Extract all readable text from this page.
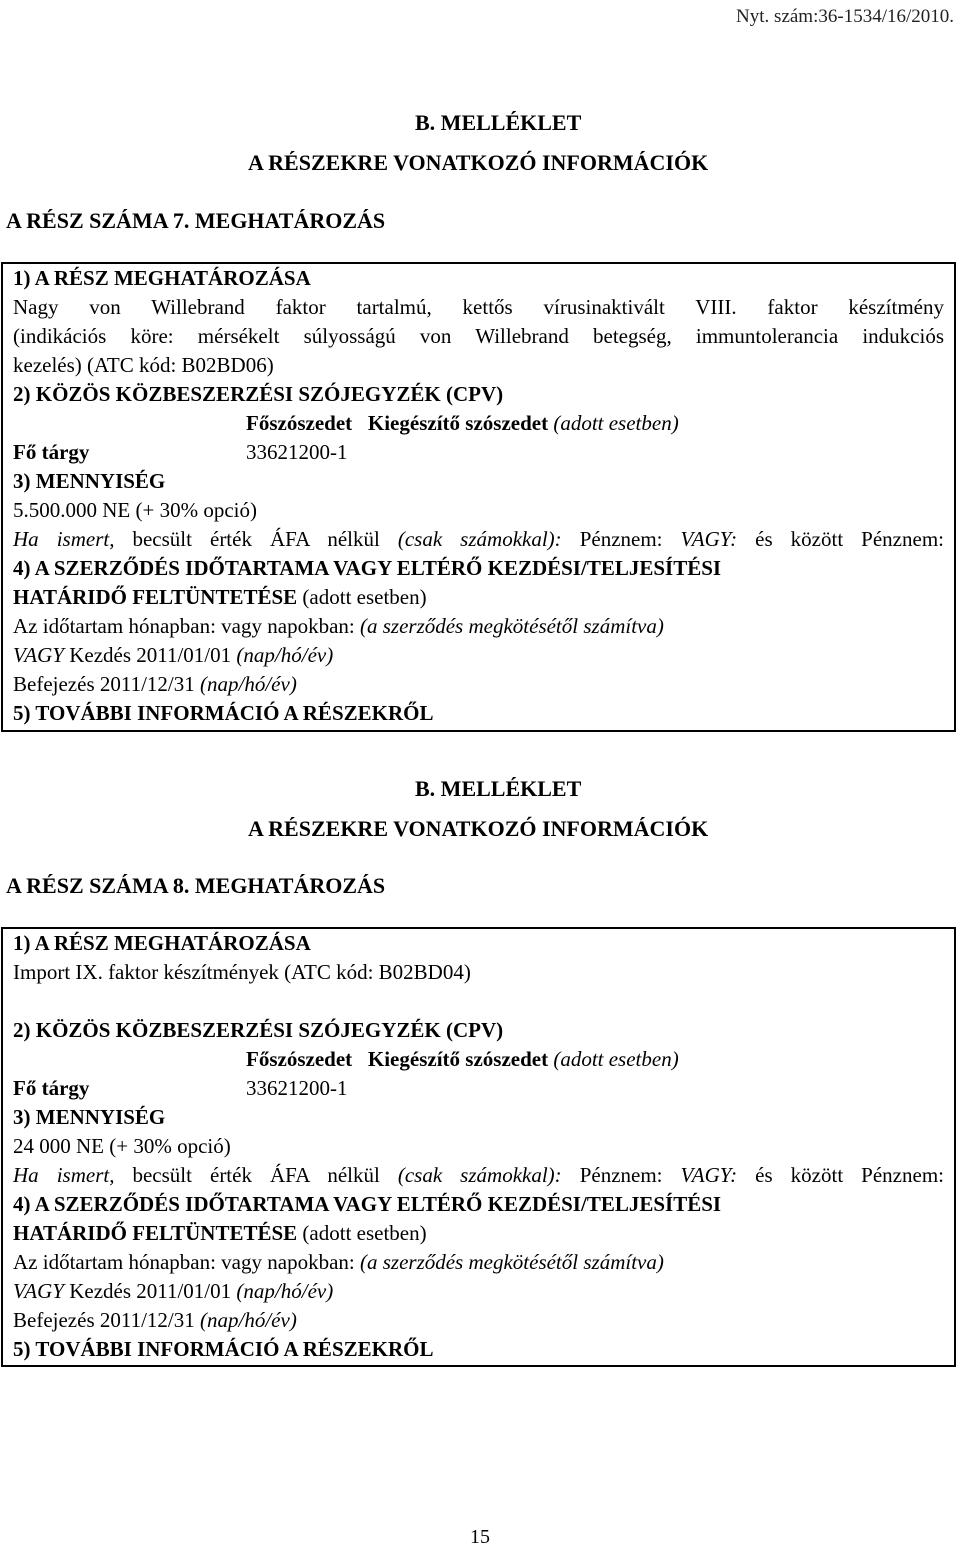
Nyt. szám:36-1534/16/2010.
B. MELLÉKLET
A RÉSZEKRE VONATKOZÓ INFORMÁCIÓK
A RÉSZ SZÁMA 7. MEGHATÁROZÁS
1) A RÉSZ MEGHATÁROZÁSA
Nagy von Willebrand faktor tartalmú, kettős vírusinaktivált VIII. faktor készítmény
(indikációs köre: mérsékelt súlyosságú von Willebrand betegség, immuntolerancia indukciós
kezelés) (ATC kód: B02BD06)
2) KÖZÖS KÖZBESZERZÉSI SZÓJEGYZÉK (CPV)
Főszószedet Kiegészítő szószedet (adott esetben)
Fő tárgy	33621200-1
3) MENNYISÉG
5.500.000 NE (+ 30% opció)
Ha ismert, becsült érték ÁFA nélkül (csak számokkal): Pénznem: VAGY: és között Pénznem:
4) A SZERZŐDÉS IDŐTARTAMA VAGY ELTÉRŐ KEZDÉSI/TELJESÍTÉSI
HATÁRIDŐ FELTÜNTETÉSE (adott esetben)
Az időtartam hónapban: vagy napokban: (a szerződés megkötésétől számítva)
VAGY Kezdés 2011/01/01 (nap/hó/év)
Befejezés 2011/12/31 (nap/hó/év)
5) TOVÁBBI INFORMÁCIÓ A RÉSZEKRŐL
B. MELLÉKLET
A RÉSZEKRE VONATKOZÓ INFORMÁCIÓK
A RÉSZ SZÁMA 8. MEGHATÁROZÁS
1) A RÉSZ MEGHATÁROZÁSA
Import IX. faktor készítmények (ATC kód: B02BD04)
2) KÖZÖS KÖZBESZERZÉSI SZÓJEGYZÉK (CPV)
Főszószedet Kiegészítő szószedet (adott esetben)
Fő tárgy	33621200-1
3) MENNYISÉG
24 000 NE (+ 30% opció)
Ha ismert, becsült érték ÁFA nélkül (csak számokkal): Pénznem: VAGY: és között Pénznem:
4) A SZERZŐDÉS IDŐTARTAMA VAGY ELTÉRŐ KEZDÉSI/TELJESÍTÉSI
HATÁRIDŐ FELTÜNTETÉSE (adott esetben)
Az időtartam hónapban: vagy napokban: (a szerződés megkötésétől számítva)
VAGY Kezdés 2011/01/01 (nap/hó/év)
Befejezés 2011/12/31 (nap/hó/év)
5) TOVÁBBI INFORMÁCIÓ A RÉSZEKRŐL
15
